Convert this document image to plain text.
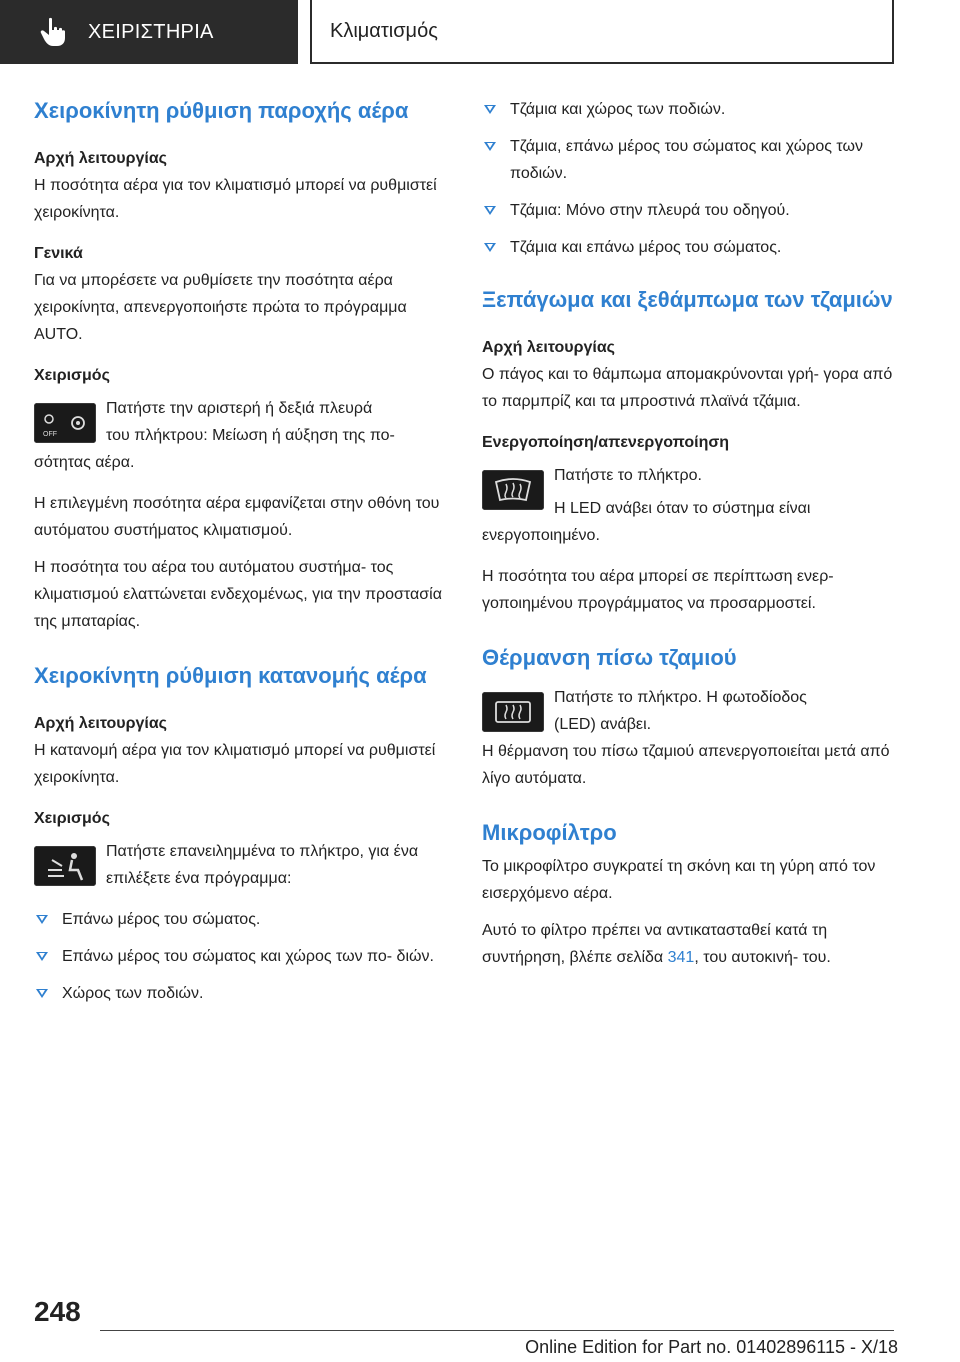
ΧΕΙΡΙΣΤΗΡΙΑ	Κλιματισμός
Χειροκίνητη ρύθμιση παροχής αέρα
Αρχή λειτουργίας

Η ποσότητα αέρα για τον κλιματισμό μπορεί να ρυθμιστεί χειροκίνητα.

Γενικά

Για να μπορέσετε να ρυθμίσετε την ποσότητα αέρα χειροκίνητα, απενεργοποιήστε πρώτα το πρόγραμμα AUTO.

Χειρισμός
OFF
Πατήστε την αριστερή ή δεξιά πλευρά
του πλήκτρου: Μείωση ή αύξηση της πο-

σότητας αέρα.

Η επιλεγμένη ποσότητα αέρα εμφανίζεται στην οθόνη του αυτόματου συστήματος κλιματισμού.

Η ποσότητα του αέρα του αυτόματου συστήμα- τος κλιματισμού ελαττώνεται ενδεχομένως, για την προστασία της μπαταρίας.

Χειροκίνητη ρύθμιση κατανομής αέρα
Αρχή λειτουργίας

Η κατανομή αέρα για τον κλιματισμό μπορεί να ρυθμιστεί χειροκίνητα.

Χειρισμός
Πατήστε επανειλημμένα το πλήκτρο, για ένα επιλέξετε ένα πρόγραμμα:
Επάνω μέρος του σώματος.
Επάνω μέρος του σώματος και χώρος των πο- διών.
Χώρος των ποδιών.
Τζάμια και χώρος των ποδιών.
Τζάμια, επάνω μέρος του σώματος και χώρος των ποδιών.
Τζάμια: Μόνο στην πλευρά του οδηγού.
Τζάμια και επάνω μέρος του σώματος.
Ξεπάγωμα και ξεθάμπωμα των τζαμιών
Αρχή λειτουργίας

Ο πάγος και το θάμπωμα απομακρύνονται γρή- γορα από το παρμπρίζ και τα μπροστινά πλαϊνά τζάμια.

Ενεργοποίηση/απενεργοποίηση
Πατήστε το πλήκτρο.
Η LED ανάβει όταν το σύστημα είναι

ενεργοποιημένο.

Η ποσότητα του αέρα μπορεί σε περίπτωση ενερ- γοποιημένου προγράμματος να προσαρμοστεί.

Θέρμανση πίσω τζαμιού
Πατήστε το πλήκτρο. Η φωτοδίοδος
(LED) ανάβει.

Η θέρμανση του πίσω τζαμιού απενεργοποιείται μετά από λίγο αυτόματα.

Μικροφίλτρο

Το μικροφίλτρο συγκρατεί τη σκόνη και τη γύρη από τον εισερχόμενο αέρα.

Αυτό το φίλτρο πρέπει να αντικατασταθεί κατά τη συντήρηση, βλέπε σελίδα 341, του αυτοκινή- του.

248
Online Edition for Part no. 01402896115 - X/18
